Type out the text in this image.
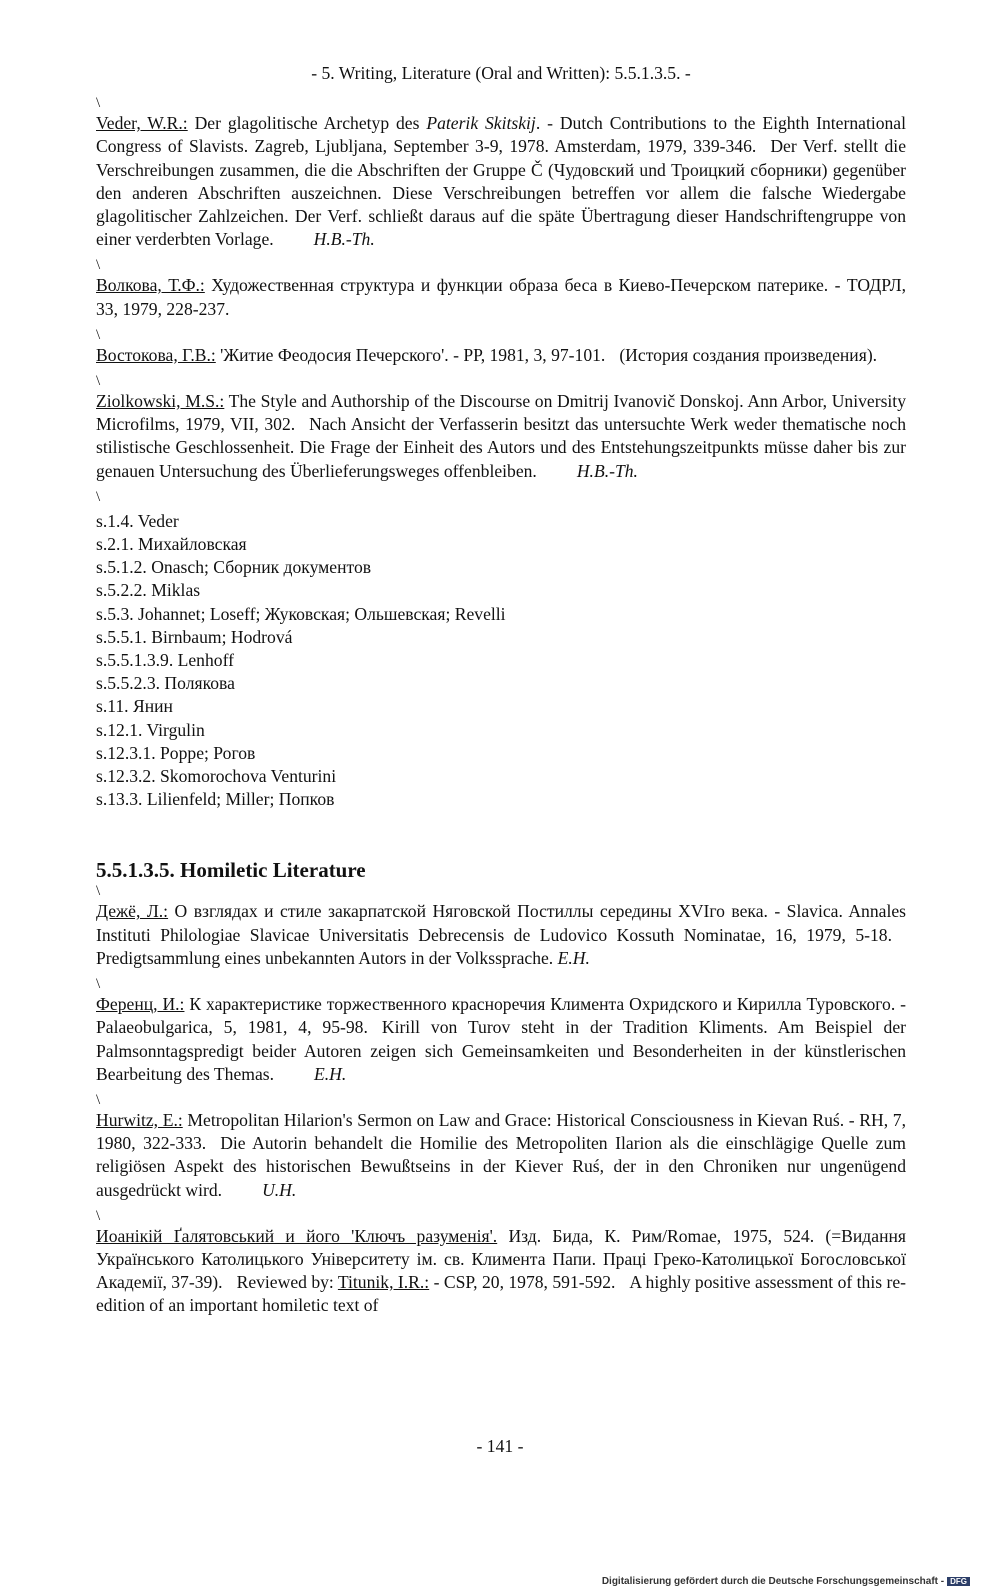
- 5. Writing, Literature (Oral and Written): 5.5.1.3.5. -
\
Veder, W.R.: Der glagolitische Archetyp des Paterik Skitskij. - Dutch Contributions to the Eighth International Congress of Slavists. Zagreb, Ljubljana, September 3-9, 1978. Amsterdam, 1979, 339-346. Der Verf. stellt die Verschreibungen zusammen, die die Abschriften der Gruppe Č (Чудовский und Троицкий сборники) gegenüber den anderen Abschriften auszeichnen. Diese Verschreibungen betreffen vor allem die falsche Wiedergabe glagolitischer Zahlzeichen. Der Verf. schließt daraus auf die späte Übertragung dieser Handschriftengruppe von einer verderbten Vorlage. H.B.-Th.
\
Волкова, Т.Ф.: Художественная структура и функции образа беса в Киево-Печерском патерике. - ТОДРЛ, 33, 1979, 228-237.
\
Востокова, Г.В.: 'Житие Феодосия Печерского'. - РР, 1981, 3, 97-101. (История создания произведения).
\
Ziolkowski, M.S.: The Style and Authorship of the Discourse on Dmitrij Ivanovič Donskoj. Ann Arbor, University Microfilms, 1979, VII, 302. Nach Ansicht der Verfasserin besitzt das untersuchte Werk weder thematische noch stilistische Geschlossenheit. Die Frage der Einheit des Autors und des Entstehungszeitpunkts müsse daher bis zur genauen Untersuchung des Überlieferungsweges offenbleiben. H.B.-Th.
\
s.1.4. Veder
s.2.1. Михайловская
s.5.1.2. Onasch; Сборник документов
s.5.2.2. Miklas
s.5.3. Johannet; Loseff; Жуковская; Ольшевская; Revelli
s.5.5.1. Birnbaum; Hodrová
s.5.5.1.3.9. Lenhoff
s.5.5.2.3. Полякова
s.11. Янин
s.12.1. Virgulin
s.12.3.1. Poppe; Рогов
s.12.3.2. Skomorochova Venturini
s.13.3. Lilienfeld; Miller; Попков
5.5.1.3.5. Homiletic Literature
\
Дежё, Л.: О взглядах и стиле закарпатской Няговской Постиллы середины XVIго века. - Slavica. Annales Instituti Philologiae Slavicae Universitatis Debrecensis de Ludovico Kossuth Nominatae, 16, 1979, 5-18.Predigtsammlung eines unbekannten Autors in der Volkssprache. E.H.
\
Ференц, И.: К характеристике торжественного красноречия Климента Охридского и Кирилла Туровского. - Palaeobulgarica, 5, 1981, 4, 95-98. Kirill von Turov steht in der Tradition Kliments. Am Beispiel der Palmsonntagspredigt beider Autoren zeigen sich Gemeinsamkeiten und Besonderheiten in der künstlerischen Bearbeitung des Themas. E.H.
\
Hurwitz, E.: Metropolitan Hilarion's Sermon on Law and Grace: Historical Consciousness in Kievan Ruś. - RH, 7, 1980, 322-333. Die Autorin behandelt die Homilie des Metropoliten Ilarion als die einschlägige Quelle zum religiösen Aspekt des historischen Bewußtseins in der Kiever Ruś, der in den Chroniken nur ungenügend ausgedrückt wird. U.H.
\
Иоанікій Ґалятовський и його 'Ключъ разуменія'. Изд. Бида, К. Рим/Romae, 1975, 524. (=Видання Українського Католицького Університету ім. св. Климента Папи. Праці Греко-Католицької Богословської Академії, 37-39). Reviewed by: Titunik, I.R.: - CSP, 20, 1978, 591-592. A highly positive assessment of this re-edition of an important homiletic text of
- 141 -
Digitalisierung gefördert durch die Deutsche Forschungsgemeinschaft - DFG
